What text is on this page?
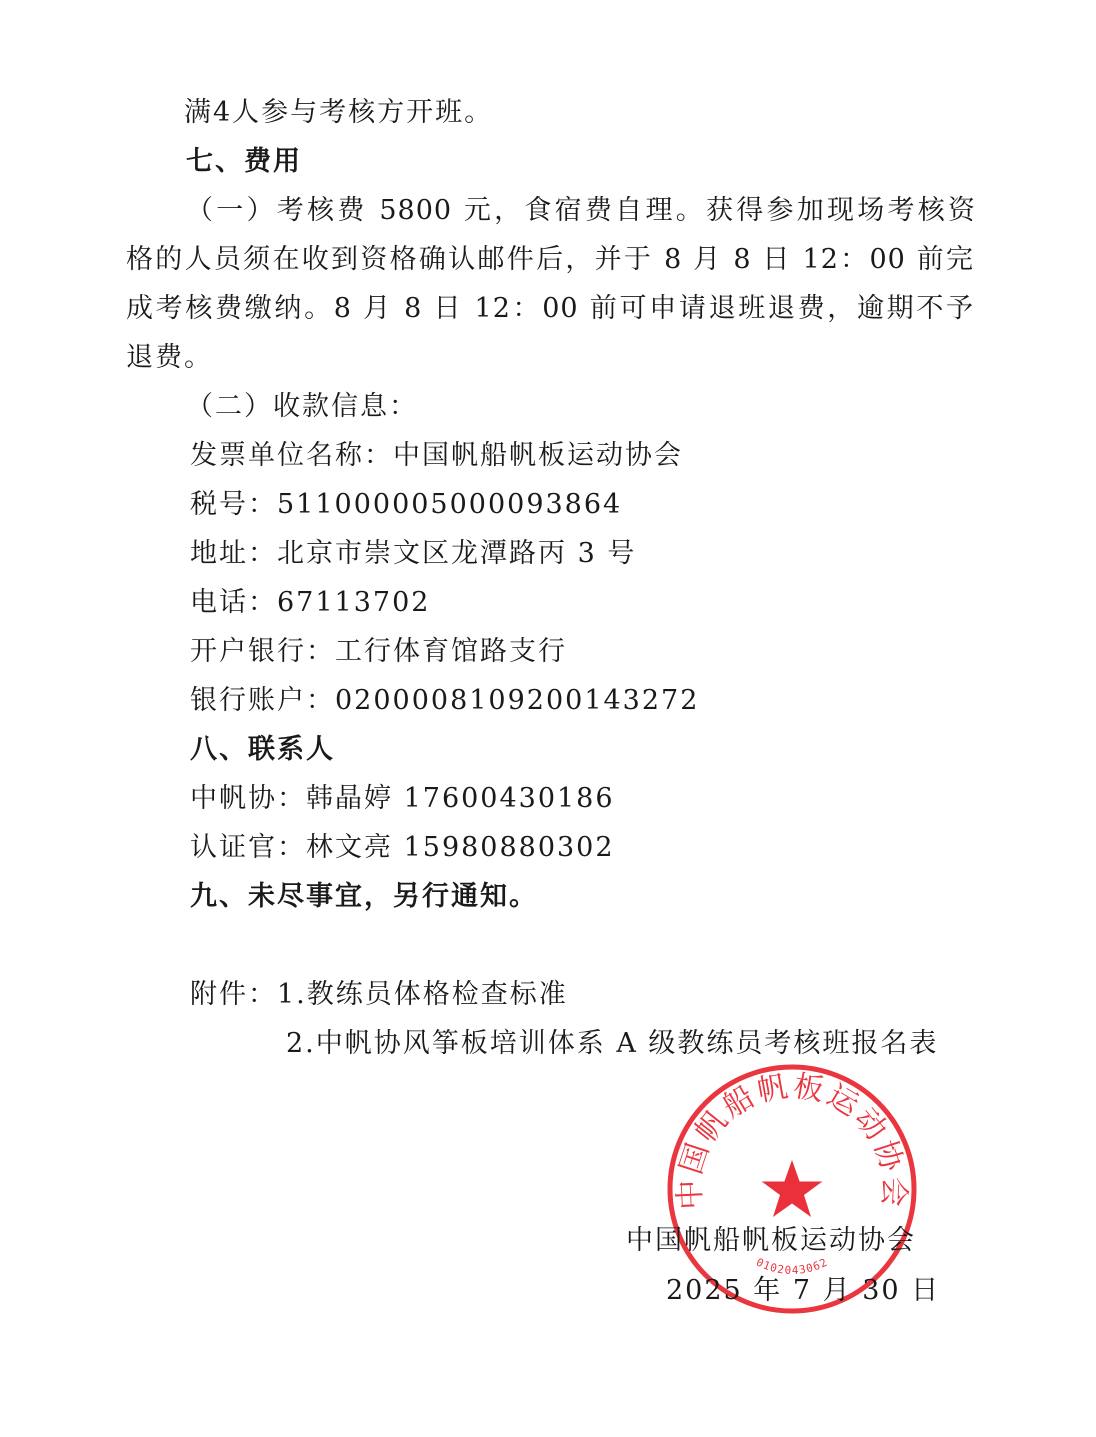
满4人参与考核方开班。
七、费用
（一）考核费 5800 元，食宿费自理。获得参加现场考核资
格的人员须在收到资格确认邮件后，并于 8 月 8 日 12：00 前完
成考核费缴纳。8 月 8 日 12：00 前可申请退班退费，逾期不予
退费。
（二）收款信息：
发票单位名称：中国帆船帆板运动协会
税号：511000005000093864
地址：北京市崇文区龙潭路丙 3 号
电话：67113702
开户银行：工行体育馆路支行
银行账户：0200008109200143272
八、联系人
中帆协：韩晶婷 17600430186
认证官：林文亮 15980880302
九、未尽事宜，另行通知。
附件：1.教练员体格检查标准
2.中帆协风筝板培训体系 A 级教练员考核班报名表
中国帆船帆板运动协会
0102043062
中国帆船帆板运动协会
2025 年 7 月 30 日
